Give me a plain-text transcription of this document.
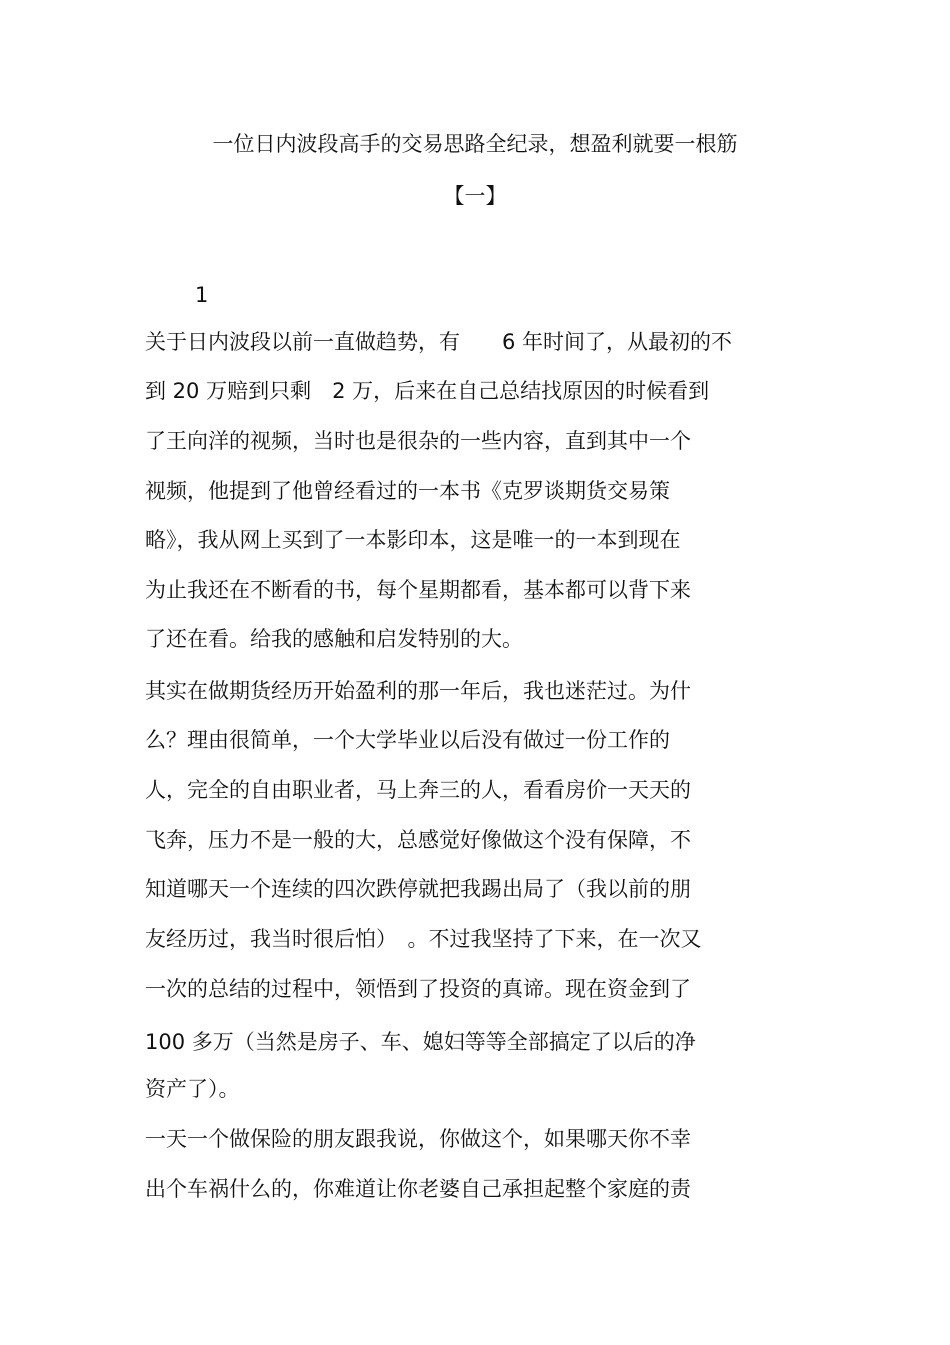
一位日内波段高手的交易思路全纪录，想盈利就要一根筋
【一】
1
关于日内波段以前一直做趋势，有　　6 年时间了，从最初的不
到 20 万赔到只剩　2 万，后来在自己总结找原因的时候看到
了王向洋的视频，当时也是很杂的一些内容，直到其中一个
视频，他提到了他曾经看过的一本书《克罗谈期货交易策
略》，我从网上买到了一本影印本，这是唯一的一本到现在
为止我还在不断看的书，每个星期都看，基本都可以背下来
了还在看。给我的感触和启发特别的大。
其实在做期货经历开始盈利的那一年后，我也迷茫过。为什
么？理由很简单，一个大学毕业以后没有做过一份工作的
人，完全的自由职业者，马上奔三的人，看看房价一天天的
飞奔，压力不是一般的大，总感觉好像做这个没有保障，不
知道哪天一个连续的四次跌停就把我踢出局了（我以前的朋
友经历过，我当时很后怕）　。不过我坚持了下来，在一次又
一次的总结的过程中，领悟到了投资的真谛。现在资金到了
100 多万（当然是房子、车、媳妇等等全部搞定了以后的净
资产了）。
一天一个做保险的朋友跟我说，你做这个，如果哪天你不幸
出个车祸什么的，你难道让你老婆自己承担起整个家庭的责
